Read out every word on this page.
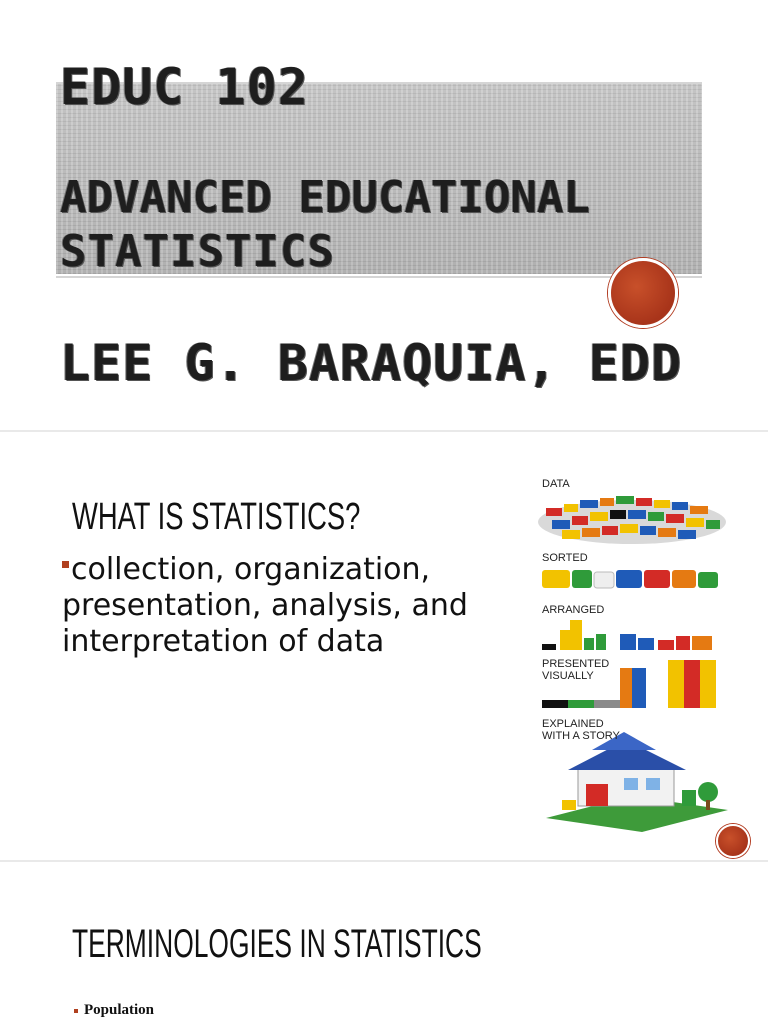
EDUC 102
ADVANCED EDUCATIONAL
STATISTICS
LEE G. BARAQUIA, EDD
WHAT IS STATISTICS?
collection, organization, presentation, analysis, and interpretation of data
DATA
SORTED
ARRANGED
PRESENTED
VISUALLY
EXPLAINED
WITH A STORY
TERMINOLOGIES IN STATISTICS
Population
